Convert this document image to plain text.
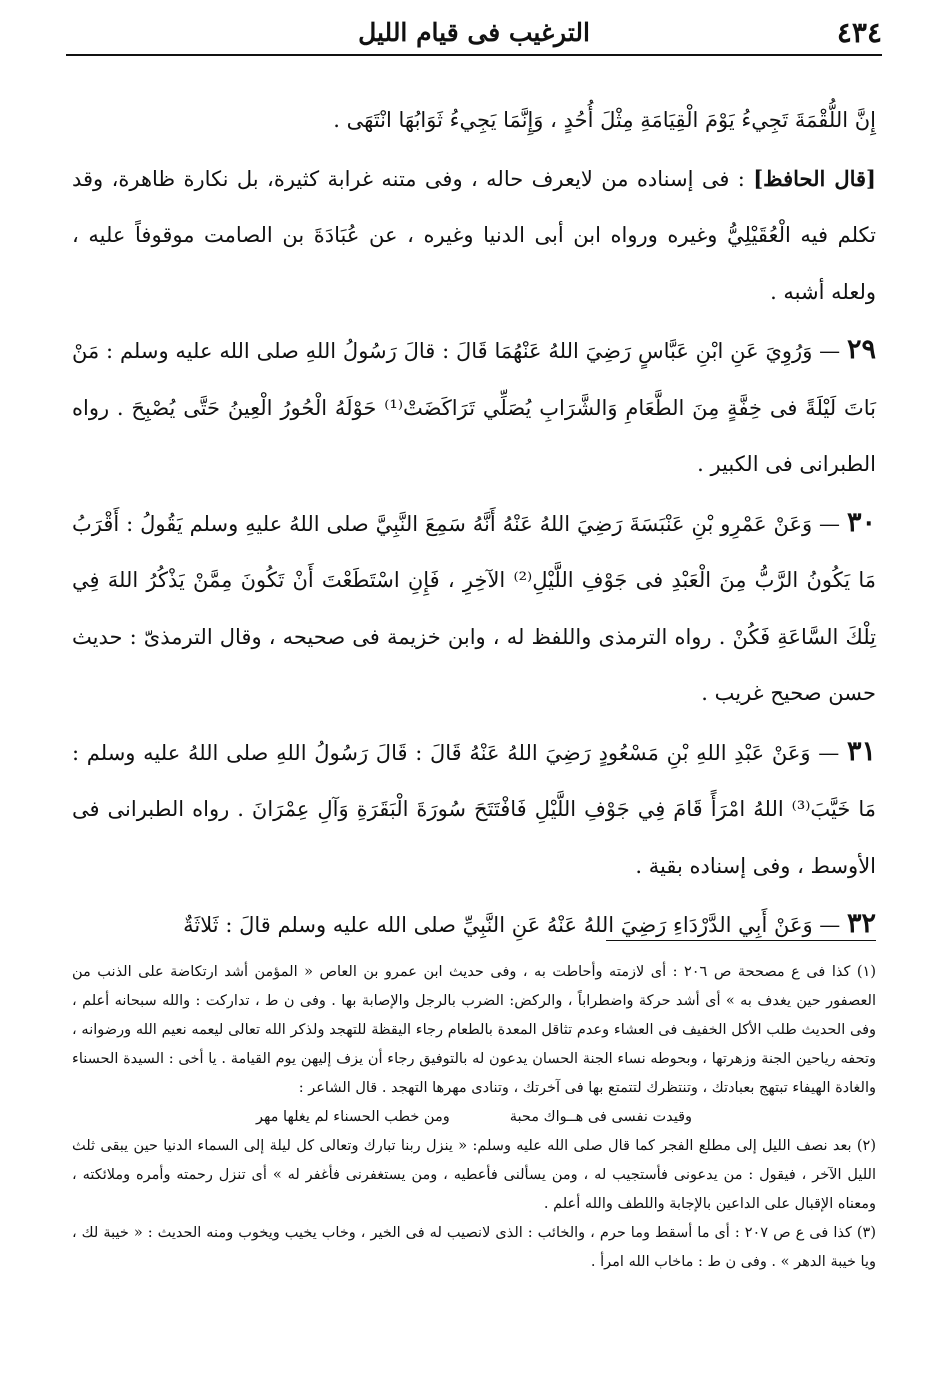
٤٣٤
الترغيب فى قيام الليل

إِنَّ اللُّقْمَةَ تَجِيءُ يَوْمَ الْقِيَامَةِ مِثْلَ أُحُدٍ ، وَإِنَّمَا يَجِيءُ ثَوَابُهَا انْتَهَى .

[قال الحافظ] : فى إسناده من لايعرف حاله ، وفى متنه غرابة كثيرة، بل نكارة ظاهرة، وقد تكلم فيه الْعُقَيْلِيُّ وغيره ورواه ابن أبى الدنيا وغيره ، عن عُبَادَةَ بن الصامت موقوفاً عليه ، ولعله أشبه .

٢٩ — وَرُوِيَ عَنِ ابْنِ عَبَّاسٍ رَضِيَ اللهُ عَنْهُمَا قَالَ : قالَ رَسُولُ اللهِ صلى الله عليه وسلم : مَنْ بَاتَ لَيْلَةً فى خِفَّةٍ مِنَ الطَّعَامِ وَالشَّرَابِ يُصَلِّي تَرَاكَضَتْ⁽¹⁾ حَوْلَهُ الْحُورُ الْعِينُ حَتَّى يُصْبِحَ . رواه الطبرانى فى الكبير .

٣٠ — وَعَنْ عَمْرِو بْنِ عَنْبَسَةَ رَضِيَ اللهُ عَنْهُ أَنَّهُ سَمِعَ النَّبِيَّ صلى اللهُ عليهِ وسلم يَقُولُ : أَقْرَبُ مَا يَكُونُ الرَّبُّ مِنَ الْعَبْدِ فى جَوْفِ اللَّيْلِ⁽²⁾ الآخِرِ ، فَإِنِ اسْتَطَعْتَ أَنْ تَكُونَ مِمَّنْ يَذْكُرُ اللهَ فِي تِلْكَ السَّاعَةِ فَكُنْ . رواه الترمذى واللفظ له ، وابن خزيمة فى صحيحه ، وقال الترمذىّ : حديث حسن صحيح غريب .

٣١ — وَعَنْ عَبْدِ اللهِ بْنِ مَسْعُودٍ رَضِيَ اللهُ عَنْهُ قَالَ : قَالَ رَسُولُ اللهِ صلى اللهُ عليه وسلم : مَا خَيَّبَ⁽³⁾ اللهُ امْرَأً قَامَ فِي جَوْفِ اللَّيْلِ فَافْتَتَحَ سُورَةَ الْبَقَرَةِ وَآلِ عِمْرَانَ . رواه الطبرانى فى الأوسط ، وفى إسناده بقية .

٣٢ — وَعَنْ أَبِي الدَّرْدَاءِ رَضِيَ اللهُ عَنْهُ عَنِ النَّبِيِّ صلى الله عليه وسلم قالَ : ثَلاثَةٌ

(١) كذا فى ع مصححة ص ٢٠٦ : أى لازمته وأحاطت به ، وفى حديث ابن عمرو بن العاص « المؤمن أشد ارتكاضة على الذنب من العصفور حين يغدف به » أى أشد حركة واضطراباً ، والركض: الضرب بالرجل والإصابة بها . وفى ن ط ، تدارکت : والله سبحانه أعلم ، وفى الحديث طلب الأكل الخفيف فى العشاء وعدم تثاقل المعدة بالطعام رجاء اليقظة للتهجد ولذكر الله تعالى ليعمه نعيم الله ورضوانه ، وتحفه رياحين الجنة وزهرتها ، وبحوطه نساء الجنة الحسان يدعون له بالتوفيق رجاء أن يزف إليهن يوم القيامة . يا أخى : السيدة الحسناء والغادة الهيفاء تبتهج بعبادتك ، وتنتظرك لتتمتع بها فى آخرتك ، وتنادى مهرها التهجد . قال الشاعر :

وقيدت نفسى فى هــواك محبة
ومن خطب الحسناء لم يغلها مهر

(٢) بعد نصف الليل إلى مطلع الفجر كما قال صلى الله عليه وسلم: « ينزل ربنا تبارك وتعالى كل ليلة إلى السماء الدنيا حين يبقى ثلث الليل الآخر ، فيقول : من يدعونى فأستجيب له ، ومن يسألنى فأعطيه ، ومن يستغفرنى فأغفر له » أى تنزل رحمته وأمره وملائكته ، ومعناه الإقبال على الداعين بالإجابة واللطف والله أعلم .

(٣) كذا فى ع ص ٢٠٧ : أى ما أسقط وما حرم ، والخائب : الذى لانصيب له فى الخير ، وخاب يخيب ويخوب ومنه الحديث : « خيبة لك ، ويا خيبة الدهر » . وفى ن ط : ماخاب الله امرأ .
